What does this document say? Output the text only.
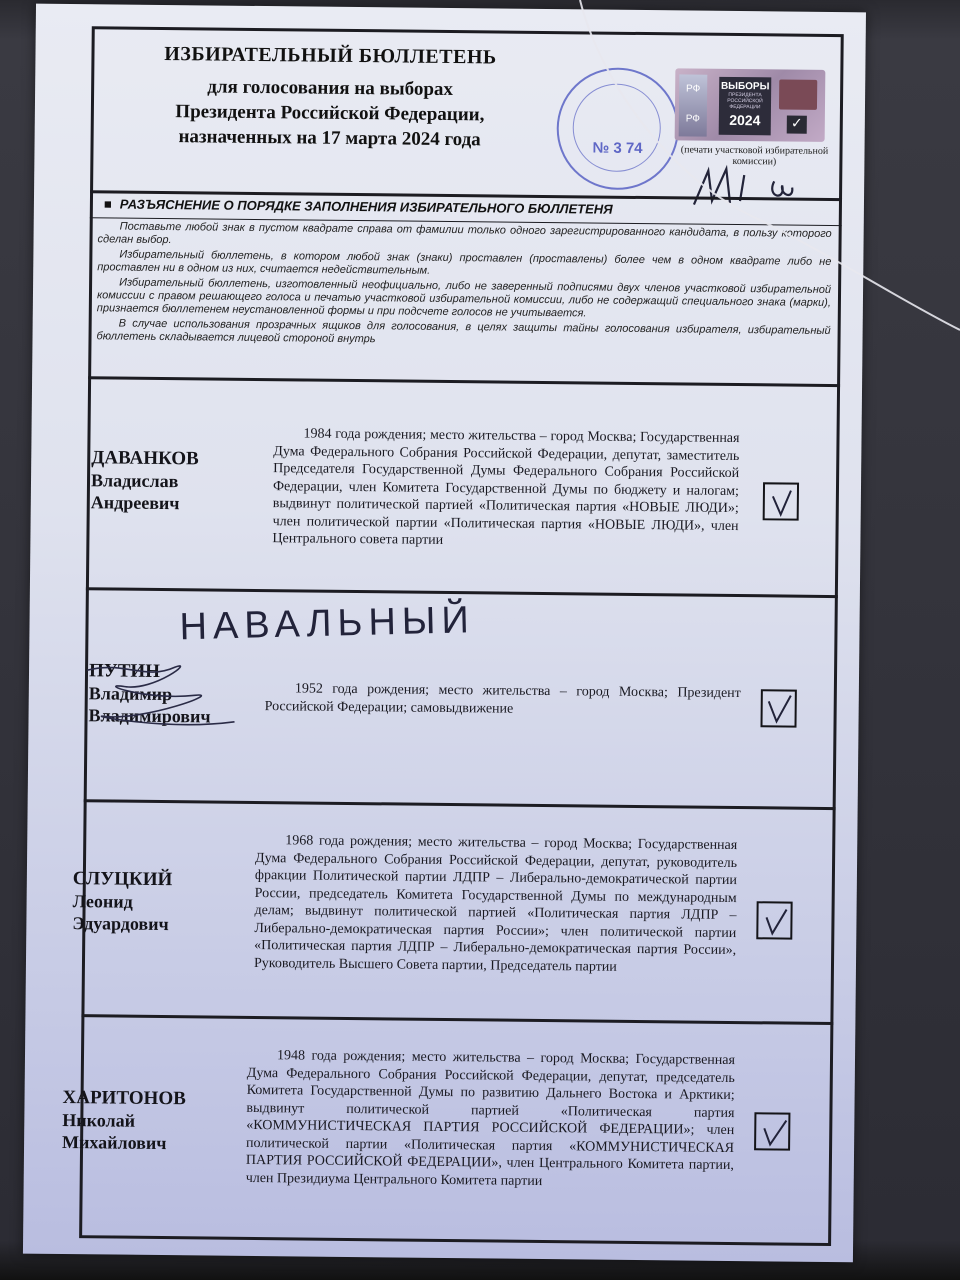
ИЗБИРАТЕЛЬНЫЙ БЮЛЛЕТЕНЬ
для голосования на выборах
Президента Российской Федерации,
назначенных на 17 марта 2024 года	№ 3 74
РФ
РФ
ВЫБОРЫ
ПРЕЗИДЕНТА РОССИЙСКОЙ ФЕДЕРАЦИИ
2024	✓
(печати участковой избирательной комиссии)
■ РАЗЪЯСНЕНИЕ О ПОРЯДКЕ ЗАПОЛНЕНИЯ ИЗБИРАТЕЛЬНОГО БЮЛЛЕТЕНЯ

Поставьте любой знак в пустом квадрате справа от фамилии только одного зарегистрированного кандидата, в пользу которого сделан выбор.

Избирательный бюллетень, в котором любой знак (знаки) проставлен (проставлены) более чем в одном квадрате либо не проставлен ни в одном из них, считается недействительным.

Избирательный бюллетень, изготовленный неофициально, либо не заверенный подписями двух членов участковой избирательной комиссии с правом решающего голоса и печатью участковой избирательной комиссии, либо не содержащий специального знака (марки), признается бюллетенем неустановленной формы и при подсчете голосов не учитывается.

В случае использования прозрачных ящиков для голосования, в целях защиты тайны голосования избирателя, избирательный бюллетень складывается лицевой стороной внутрь

ДАВАНКОВ
Владислав
Андреевич
1984 года рождения; место жительства – город Москва; Государственная Дума Федерального Собрания Российской Федерации, депутат, заместитель Председателя Государственной Думы Федерального Собрания Российской Федерации, член Комитета Государственной Думы по бюджету и налогам; выдвинут политической партией «Политическая партия «НОВЫЕ ЛЮДИ»; член политической партии «Политическая партия «НОВЫЕ ЛЮДИ», член Центрального совета партии
ПУТИН
Владимир
Владимирович
1952 года рождения; место жительства – город Москва; Президент Российской Федерации; самовыдвижение
НАВАЛЬНЫЙ
СЛУЦКИЙ
Леонид
Эдуардович
1968 года рождения; место жительства – город Москва; Государственная Дума Федерального Собрания Российской Федерации, депутат, руководитель фракции Политической партии ЛДПР – Либерально-демократической партии России, председатель Комитета Государственной Думы по международным делам; выдвинут политической партией «Политическая партия ЛДПР – Либерально-демократическая партия России»; член политической партии «Политическая партия ЛДПР – Либерально-демократическая партия России», Руководитель Высшего Совета партии, Председатель партии
ХАРИТОНОВ
Николай
Михайлович
1948 года рождения; место жительства – город Москва; Государственная Дума Федерального Собрания Российской Федерации, депутат, председатель Комитета Государственной Думы по развитию Дальнего Востока и Арктики; выдвинут политической партией «Политическая партия «КОММУНИСТИЧЕСКАЯ ПАРТИЯ РОССИЙСКОЙ ФЕДЕРАЦИИ»; член политической партии «Политическая партия «КОММУНИСТИЧЕСКАЯ ПАРТИЯ РОССИЙСКОЙ ФЕДЕРАЦИИ», член Центрального Комитета партии, член Президиума Центрального Комитета партии
